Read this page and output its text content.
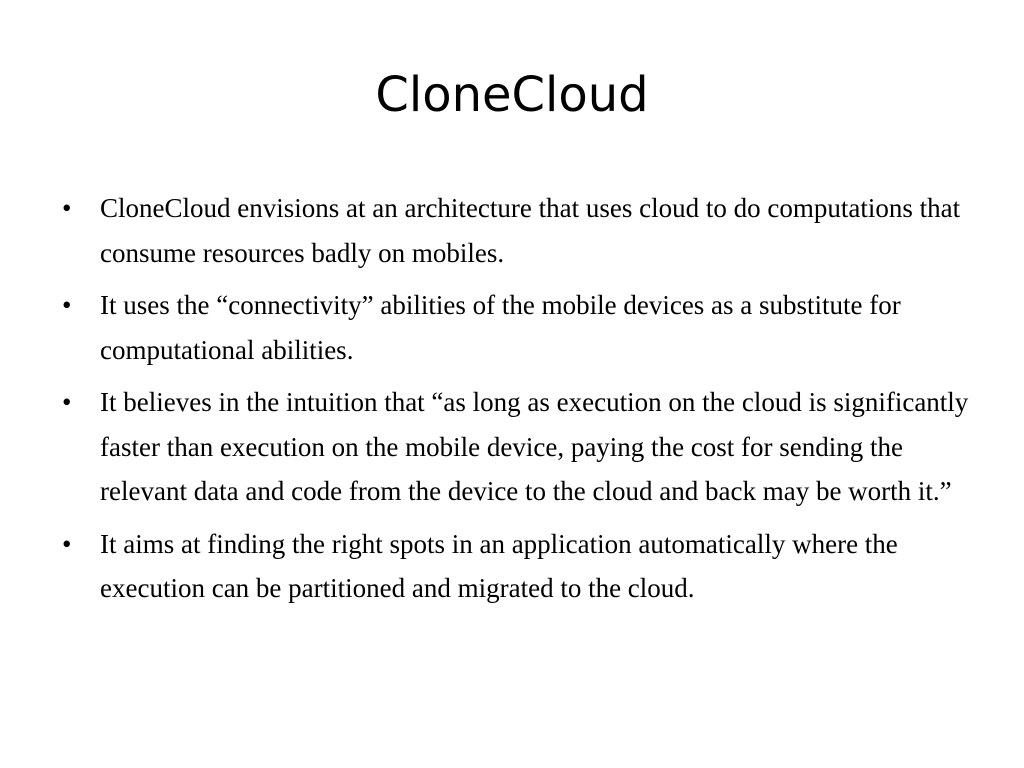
CloneCloud
• CloneCloud envisions at an architecture that uses cloud to do computations that consume resources badly on mobiles.
• It uses the “connectivity” abilities of the mobile devices as a substitute for computational abilities.
• It believes in the intuition that “as long as execution on the cloud is significantly faster than execution on the mobile device, paying the cost for sending the relevant data and code from the device to the cloud and back may be worth it.”
• It aims at finding the right spots in an application automatically where the execution can be partitioned and migrated to the cloud.
